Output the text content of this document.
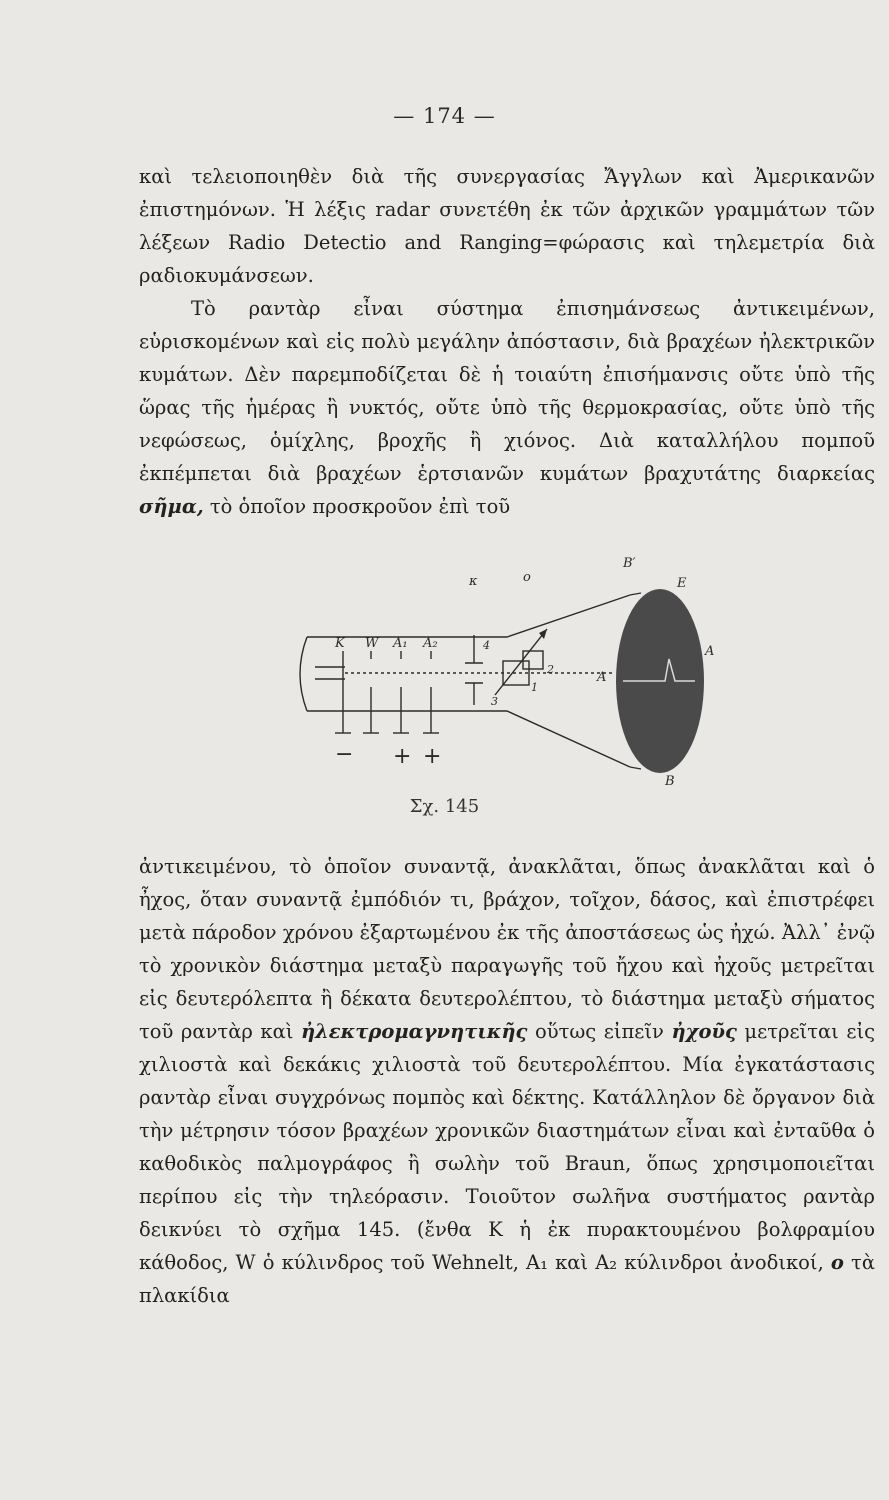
— 174 —

καὶ τελειοποιηθὲν διὰ τῆς συνεργασίας Ἄγγλων καὶ Ἀμερικανῶν ἐπιστημόνων. Ἡ λέξις radar συνετέθη ἐκ τῶν ἀρχικῶν γραμμάτων τῶν λέξεων Radio Detectio and Ranging=φώρασις καὶ τηλεμετρία διὰ ραδιοκυμάνσεων.

Τὸ ραντὰρ εἶναι σύστημα ἐπισημάνσεως ἀντικειμένων, εὑρισκομένων καὶ εἰς πολὺ μεγάλην ἀπόστασιν, διὰ βραχέων ἠλεκτρικῶν κυμάτων. Δὲν παρεμποδίζεται δὲ ἡ τοιαύτη ἐπισήμανσις οὔτε ὑπὸ τῆς ὥρας τῆς ἡμέρας ἢ νυκτός, οὔτε ὑπὸ τῆς θερμοκρασίας, οὔτε ὑπὸ τῆς νεφώσεως, ὁμίχλης, βροχῆς ἢ χιόνος. Διὰ καταλλήλου πομποῦ ἐκπέμπεται διὰ βραχέων ἑρτσιανῶν κυμάτων βραχυτάτης διαρκείας σῆμα, τὸ ὁποῖον προσκροῦον ἐπὶ τοῦ

K W A₁ A₂
κ	o
B′
E
A
A
B
4
2
1
3
− + +
Σχ. 145

ἀντικειμένου, τὸ ὁποῖον συναντᾷ, ἀνακλᾶται, ὅπως ἀνακλᾶται καὶ ὁ ἦχος, ὅταν συναντᾷ ἐμπόδιόν τι, βράχον, τοῖχον, δάσος, καὶ ἐπιστρέφει μετὰ πάροδον χρόνου ἐξαρτωμένου ἐκ τῆς ἀποστάσεως ὡς ἠχώ. Ἀλλ᾽ ἐνῷ τὸ χρονικὸν διάστημα μεταξὺ παραγωγῆς τοῦ ἤχου καὶ ἠχοῦς μετρεῖται εἰς δευτερόλεπτα ἢ δέκατα δευτερολέπτου, τὸ διάστημα μεταξὺ σήματος τοῦ ραντὰρ καὶ ἠλεκτρομαγνητικῆς οὕτως εἰπεῖν ἠχοῦς μετρεῖται εἰς χιλιοστὰ καὶ δεκάκις χιλιοστὰ τοῦ δευτερολέπτου. Μία ἐγκατάστασις ραντὰρ εἶναι συγχρόνως πομπὸς καὶ δέκτης. Κατάλληλον δὲ ὄργανον διὰ τὴν μέτρησιν τόσον βραχέων χρονικῶν διαστημάτων εἶναι καὶ ἐνταῦθα ὁ καθοδικὸς παλμογράφος ἢ σωλὴν τοῦ Braun, ὅπως χρησιμοποιεῖται περίπου εἰς τὴν τηλεόρασιν. Τοιοῦτον σωλῆνα συστήματος ραντὰρ δεικνύει τὸ σχῆμα 145. (ἔνθα Κ ἡ ἐκ πυρακτουμένου βολφραμίου κάθοδος, W ὁ κύλινδρος τοῦ Wehnelt, A₁ καὶ A₂ κύλινδροι ἀνοδικοί, o τὰ πλακίδια
